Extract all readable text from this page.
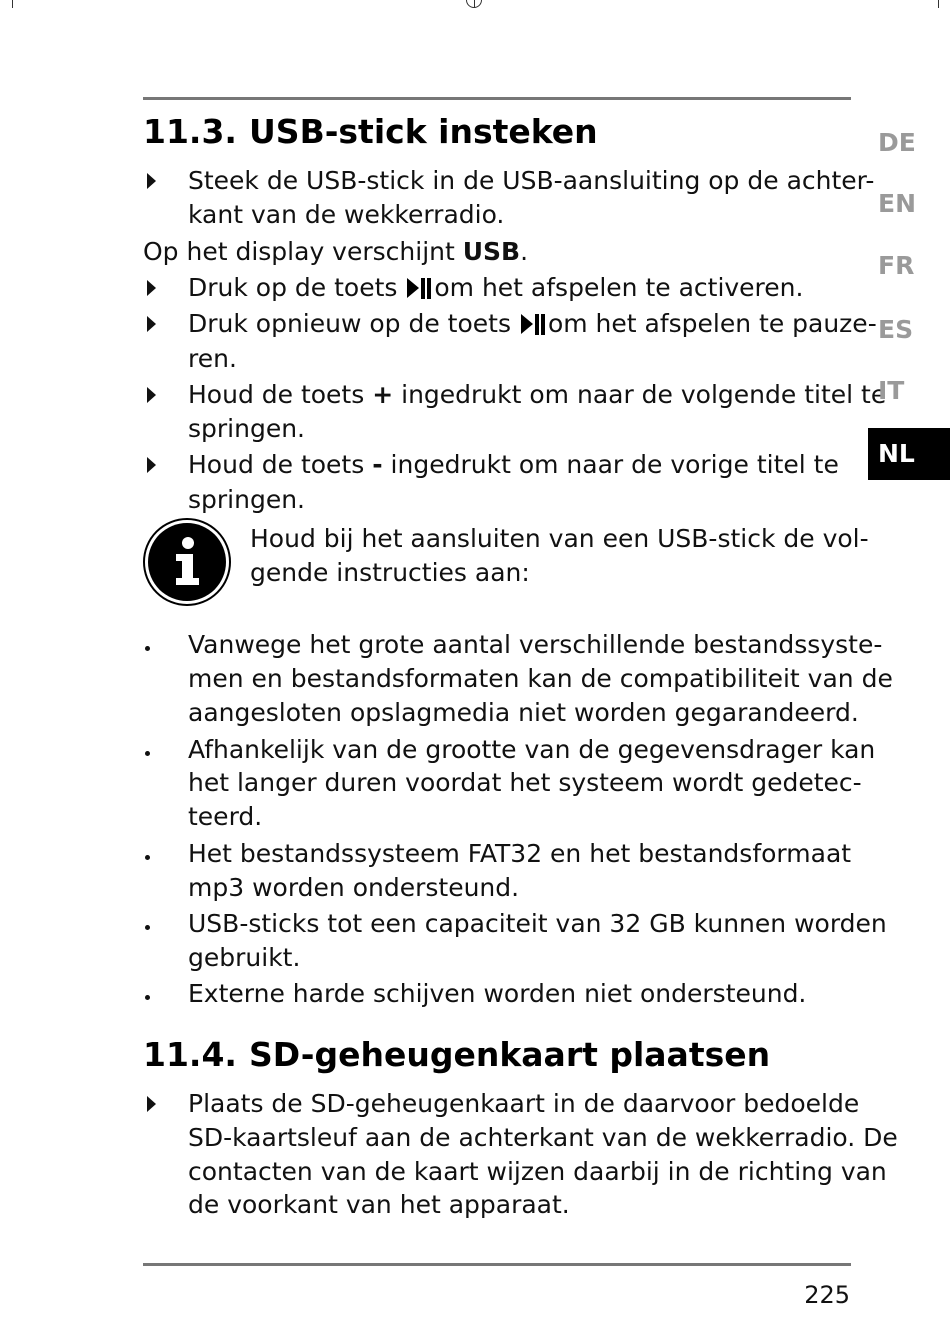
11.3. USB-stick insteken
Steek de USB-stick in de USB-aansluiting op de achter-
kant van de wekkerradio.
Op het display verschijnt USB.
Druk op de toets
om het afspelen te activeren.
Druk opnieuw op de toets
om het afspelen te pauze-
ren.
Houd de toets + ingedrukt om naar de volgende titel te
springen.
Houd de toets - ingedrukt om naar de vorige titel te
springen.
Houd bij het aansluiten van een USB-stick de vol-
gende instructies aan:
Vanwege het grote aantal verschillende bestandssyste-
men en bestandsformaten kan de compatibiliteit van de
aangesloten opslagmedia niet worden gegarandeerd.
Afhankelijk van de grootte van de gegevensdrager kan
het langer duren voordat het systeem wordt gedetec-
teerd.
Het bestandssysteem FAT32 en het bestandsformaat
mp3 worden ondersteund.
USB-sticks tot een capaciteit van 32 GB kunnen worden
gebruikt.
Externe harde schijven worden niet ondersteund.
11.4. SD-geheugenkaart plaatsen
Plaats de SD-geheugenkaart in de daarvoor bedoelde
SD-kaartsleuf aan de achterkant van de wekkerradio. De
contacten van de kaart wijzen daarbij in de richting van
de voorkant van het apparaat.
225
DE
EN
FR
ES
IT
NL
